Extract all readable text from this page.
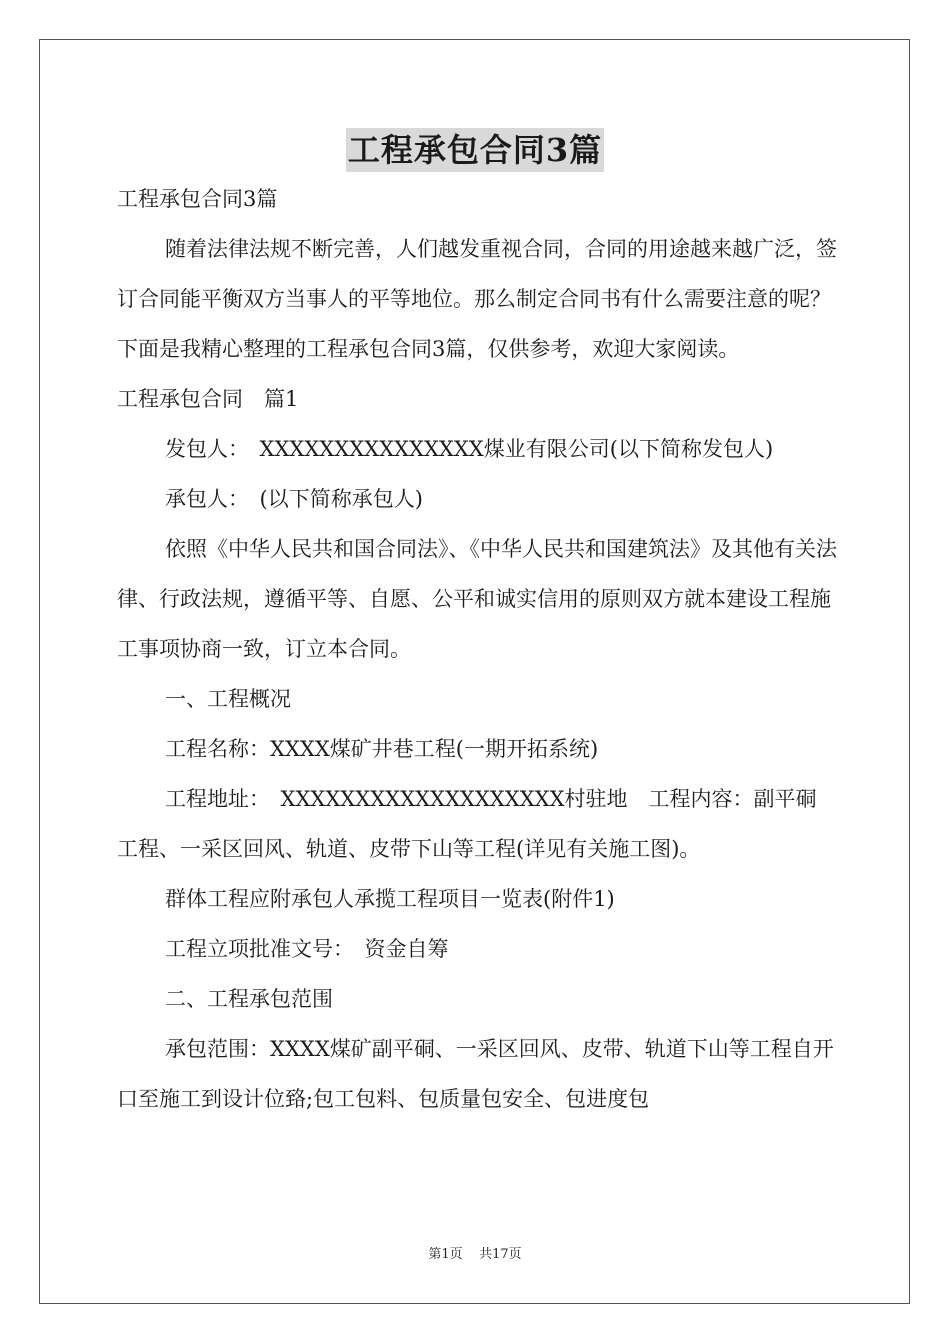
工程承包合同3篇

工程承包合同3篇

随着法律法规不断完善，人们越发重视合同，合同的用途越来越广泛，签订合同能平衡双方当事人的平等地位。那么制定合同书有什么需要注意的呢？下面是我精心整理的工程承包合同3篇，仅供参考，欢迎大家阅读。

工程承包合同　篇1

发包人：　XXXXXXXXXXXXXXX煤业有限公司(以下简称发包人)

承包人：　(以下简称承包人)

依照《中华人民共和国合同法》、《中华人民共和国建筑法》及其他有关法律、行政法规，遵循平等、自愿、公平和诚实信用的原则双方就本建设工程施工事项协商一致，订立本合同。

一、工程概况

工程名称：XXXX煤矿井巷工程(一期开拓系统)

工程地址：　XXXXXXXXXXXXXXXXXXX村驻地　工程内容：副平硐工程、一采区回风、轨道、皮带下山等工程(详见有关施工图)。

群体工程应附承包人承揽工程项目一览表(附件1)

工程立项批准文号：　资金自筹

二、工程承包范围

承包范围：XXXX煤矿副平硐、一采区回风、皮带、轨道下山等工程自开口至施工到设计位臵;包工包料、包质量包安全、包进度包

第1页 共17页
